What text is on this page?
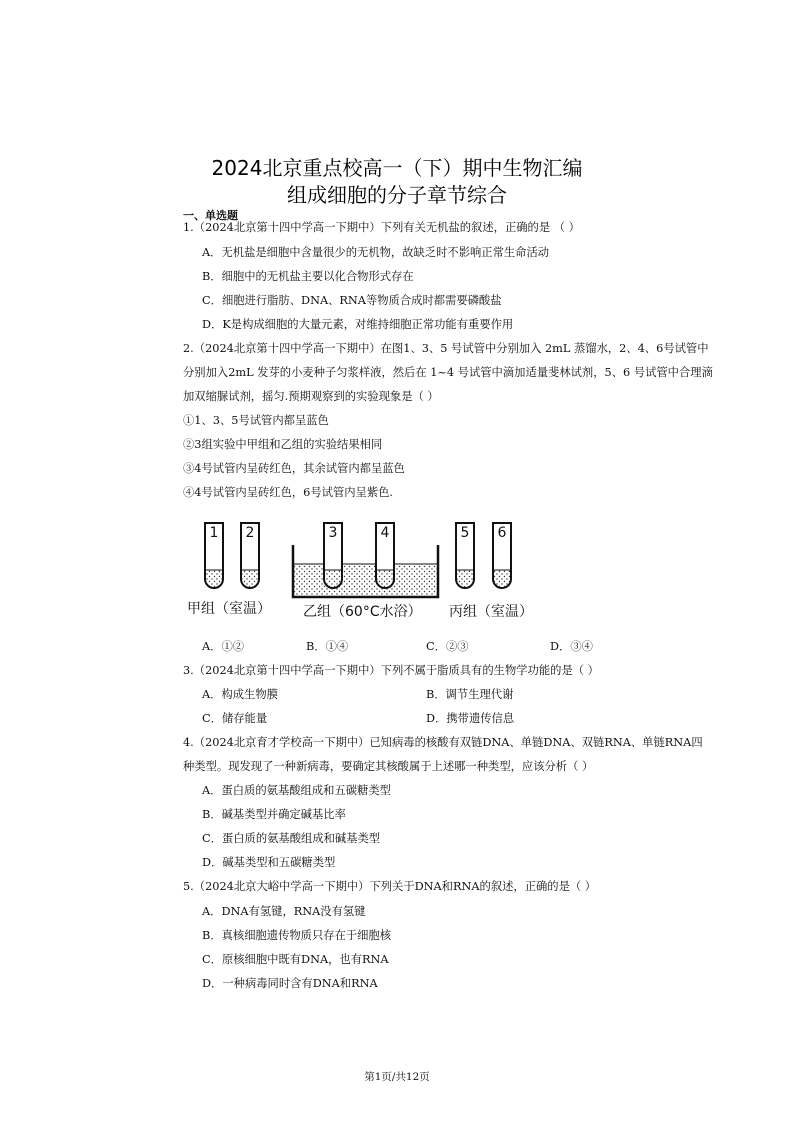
2024北京重点校高一（下）期中生物汇编
组成细胞的分子章节综合
一、单选题
1.（2024北京第十四中学高一下期中）下列有关无机盐的叙述，正确的是 （ ）
A．无机盐是细胞中含量很少的无机物，故缺乏时不影响正常生命活动
B．细胞中的无机盐主要以化合物形式存在
C．细胞进行脂肪、DNA、RNA等物质合成时都需要磷酸盐
D．K是构成细胞的大量元素，对维持细胞正常功能有重要作用
2.（2024北京第十四中学高一下期中）在图1、3、5 号试管中分别加入 2mL 蒸馏水，2、4、6号试管中
分别加入2mL 发芽的小麦种子匀浆样液，然后在 1~4 号试管中滴加适量斐林试剂，5、6 号试管中合理滴
加双缩脲试剂，摇匀.预期观察到的实验现象是（ ）
①1、3、5号试管内都呈蓝色
②3组实验中甲组和乙组的实验结果相同
③4号试管内呈砖红色，其余试管内都呈蓝色
④4号试管内呈砖红色，6号试管内呈紫色.
1	2	3	4	5	6
甲组（室温） 乙组（60°C水浴） 丙组（室温）
A．①②	B．①④	C．②③	D．③④
3.（2024北京第十四中学高一下期中）下列不属于脂质具有的生物学功能的是（ ）
A．构成生物膜	B．调节生理代谢
C．储存能量	D．携带遗传信息
4.（2024北京育才学校高一下期中）已知病毒的核酸有双链DNA、单链DNA、双链RNA、单链RNA四
种类型。现发现了一种新病毒，要确定其核酸属于上述哪一种类型，应该分析（ ）
A．蛋白质的氨基酸组成和五碳糖类型
B．碱基类型并确定碱基比率
C．蛋白质的氨基酸组成和碱基类型
D．碱基类型和五碳糖类型
5.（2024北京大峪中学高一下期中）下列关于DNA和RNA的叙述，正确的是（ ）
A．DNA有氢键，RNA没有氢键
B．真核细胞遗传物质只存在于细胞核
C．原核细胞中既有DNA，也有RNA
D．一种病毒同时含有DNA和RNA
第1页/共12页
